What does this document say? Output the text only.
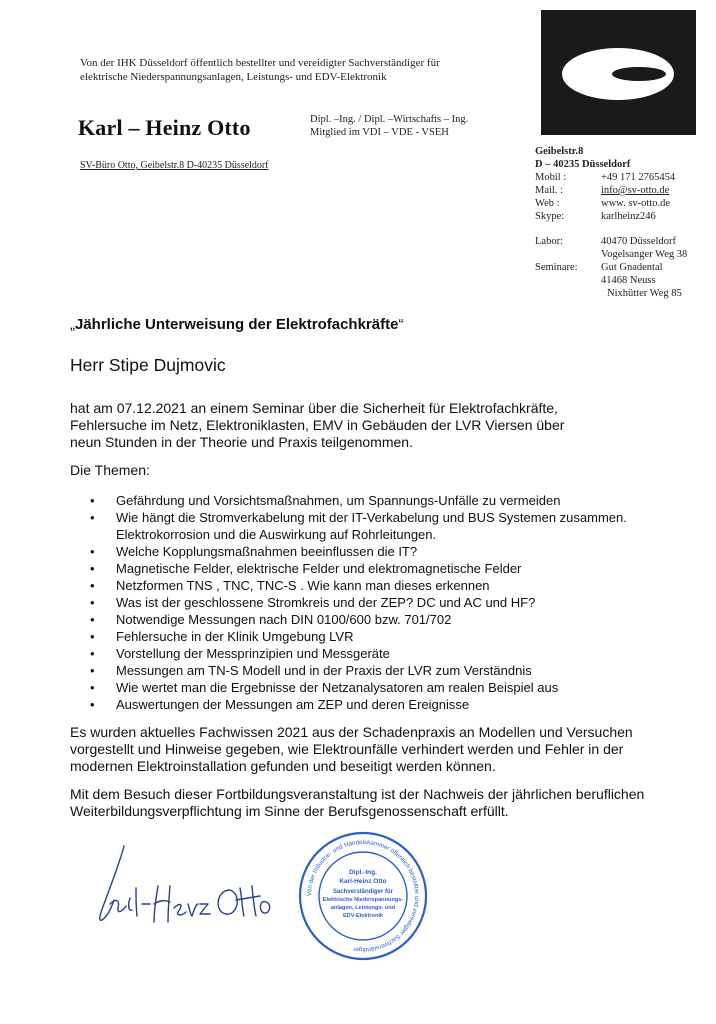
Von der IHK Düsseldorf öffentlich bestellter und vereidigter Sachverständiger für
elektrische Niederspannungsanlagen, Leistungs- und EDV-Elektronik
Karl – Heinz Otto	Dipl. –Ing. / Dipl. –Wirtschafts – Ing.
Mitglied im VDI – VDE - VSEH
SV-Büro Otto, Geibelstr.8 D-40235 Düsseldorf
Geibelstr.8
D – 40235 Düsseldorf
Mobil :	+49 171 2765454
Mail. :	info@sv-otto.de
Web :	www. sv-otto.de
Skype:	karlheinz246
Labor:	40470 Düsseldorf
Vogelsanger Weg 38
Seminare:	Gut Gnadental
41468 Neuss
Nixhütter Weg 85
„Jährliche Unterweisung der Elektrofachkräfte“
Herr Stipe Dujmovic
hat am 07.12.2021 an einem Seminar über die Sicherheit für Elektrofachkräfte,
Fehlersuche im Netz, Elektroniklasten, EMV in Gebäuden der LVR Viersen über
neun Stunden in der Theorie und Praxis teilgenommen.
Die Themen:
• Gefährdung und Vorsichtsmaßnahmen, um Spannungs-Unfälle zu vermeiden
• Wie hängt die Stromverkabelung mit der IT-Verkabelung und BUS Systemen zusammen. Elektrokorrosion und die Auswirkung auf Rohrleitungen.
• Welche Kopplungsmaßnahmen beeinflussen die IT?
• Magnetische Felder, elektrische Felder und elektromagnetische Felder
• Netzformen TNS , TNC, TNC-S . Wie kann man dieses erkennen
• Was ist der geschlossene Stromkreis und der ZEP? DC und AC und HF?
• Notwendige Messungen nach DIN 0100/600 bzw. 701/702
• Fehlersuche in der Klinik Umgebung LVR
• Vorstellung der Messprinzipien und Messgeräte
• Messungen am TN-S Modell und in der Praxis der LVR zum Verständnis
• Wie wertet man die Ergebnisse der Netzanalysatoren am realen Beispiel aus
• Auswertungen der Messungen am ZEP und deren Ereignisse
Es wurden aktuelles Fachwissen 2021 aus der Schadenpraxis an Modellen und Versuchen
vorgestellt und Hinweise gegeben, wie Elektrounfälle verhindert werden und Fehler in der
modernen Elektroinstallation gefunden und beseitigt werden können.
Mit dem Besuch dieser Fortbildungsveranstaltung ist der Nachweis der jährlichen beruflichen
Weiterbildungsverpflichtung im Sinne der Berufsgenossenschaft erfüllt.
Von der Industrie- und Handelskammer öffentlich bestellter und vereidigter Sachverständiger
Dipl.-Ing.
Karl-Heinz Otto
Sachverständiger für
Elektrische Niederspannungs-
anlagen, Leistungs- und
EDV-Elektronik
